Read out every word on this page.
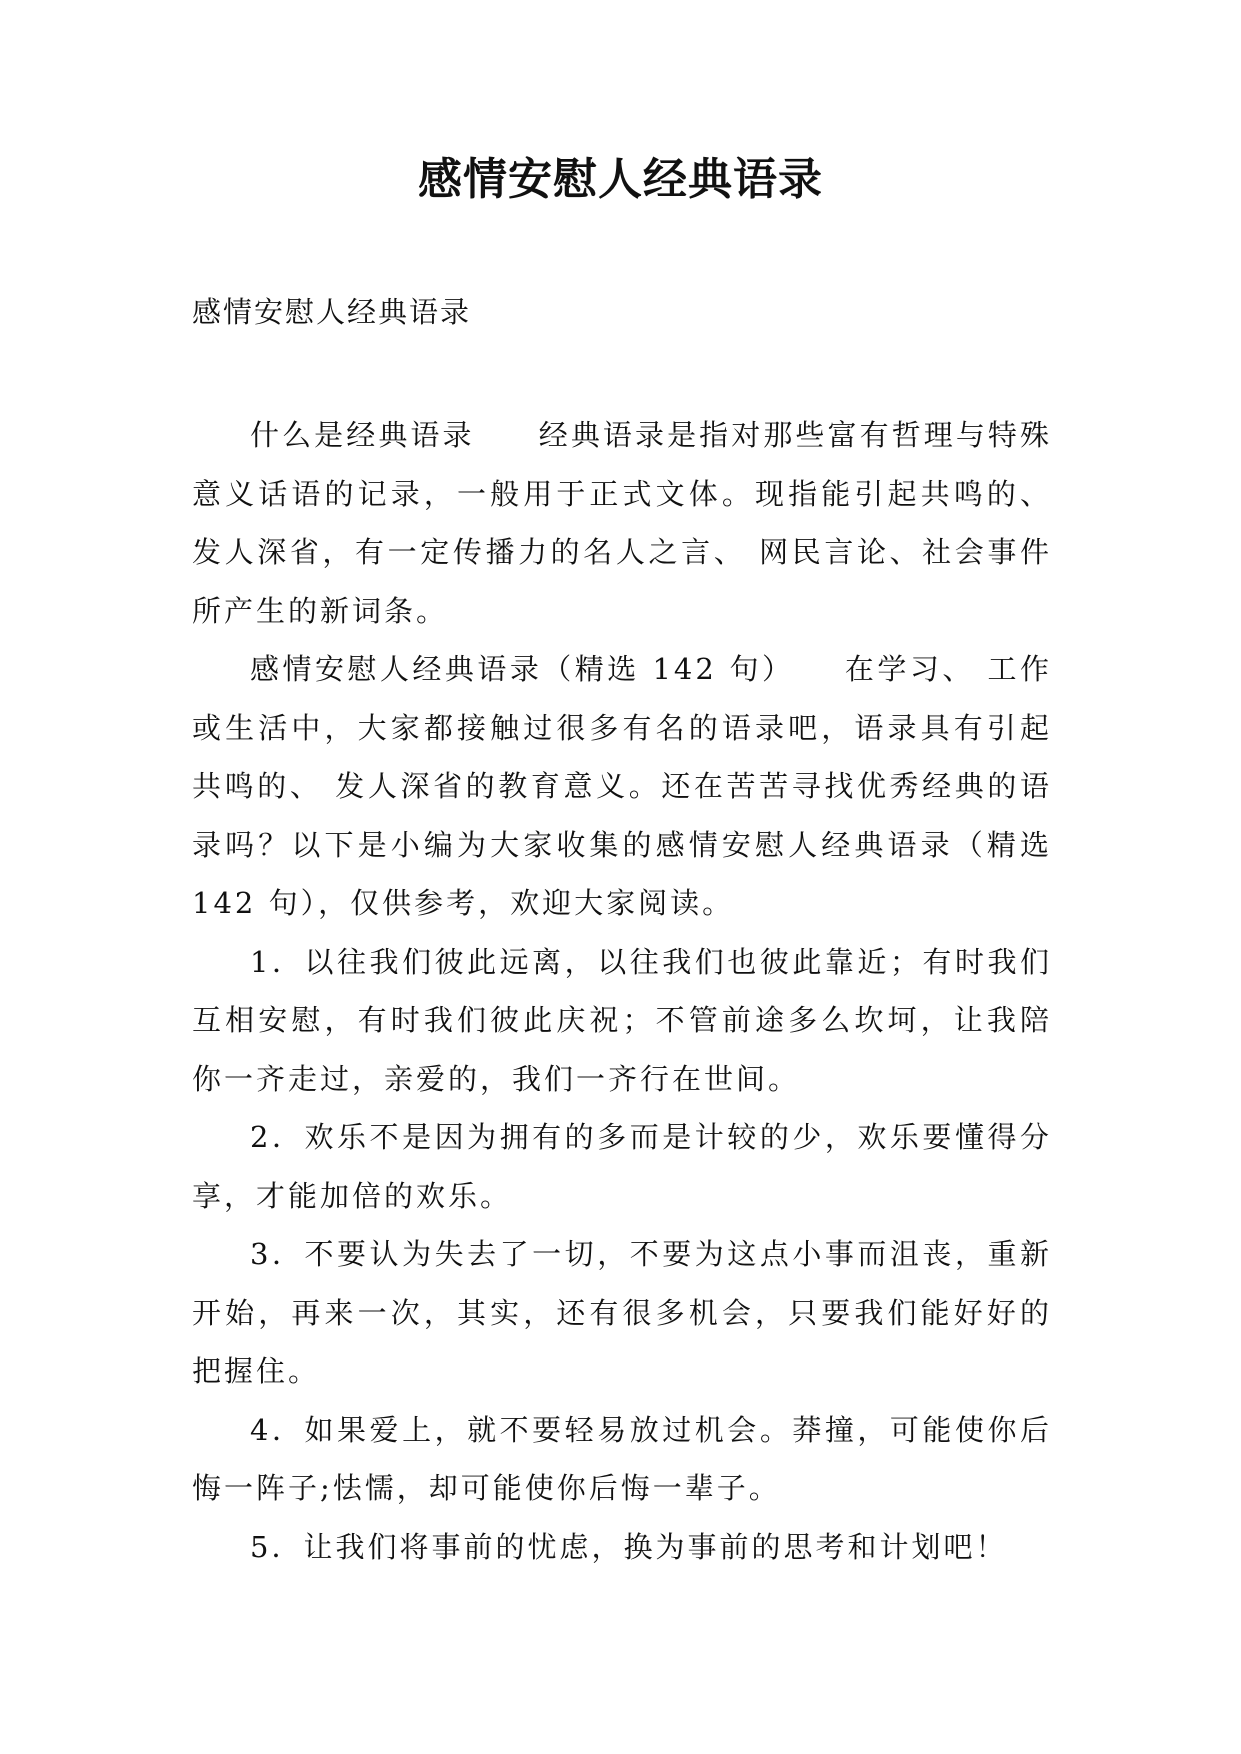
感情安慰人经典语录

感情安慰人经典语录

什么是经典语录　　经典语录是指对那些富有哲理与特殊意义话语的记录，一般用于正式文体。现指能引起共鸣的、 发人深省，有一定传播力的名人之言、 网民言论、社会事件所产生的新词条。

感情安慰人经典语录（精选 142 句）　　在学习、 工作或生活中，大家都接触过很多有名的语录吧，语录具有引起共鸣的、 发人深省的教育意义。还在苦苦寻找优秀经典的语录吗？以下是小编为大家收集的感情安慰人经典语录（精选 142 句），仅供参考，欢迎大家阅读。

1．以往我们彼此远离，以往我们也彼此靠近；有时我们互相安慰，有时我们彼此庆祝；不管前途多么坎坷，让我陪你一齐走过，亲爱的，我们一齐行在世间。

2．欢乐不是因为拥有的多而是计较的少，欢乐要懂得分享，才能加倍的欢乐。

3．不要认为失去了一切，不要为这点小事而沮丧，重新开始，再来一次，其实，还有很多机会，只要我们能好好的把握住。

4．如果爱上，就不要轻易放过机会。莽撞，可能使你后悔一阵子;怯懦，却可能使你后悔一辈子。

5．让我们将事前的忧虑，换为事前的思考和计划吧！
